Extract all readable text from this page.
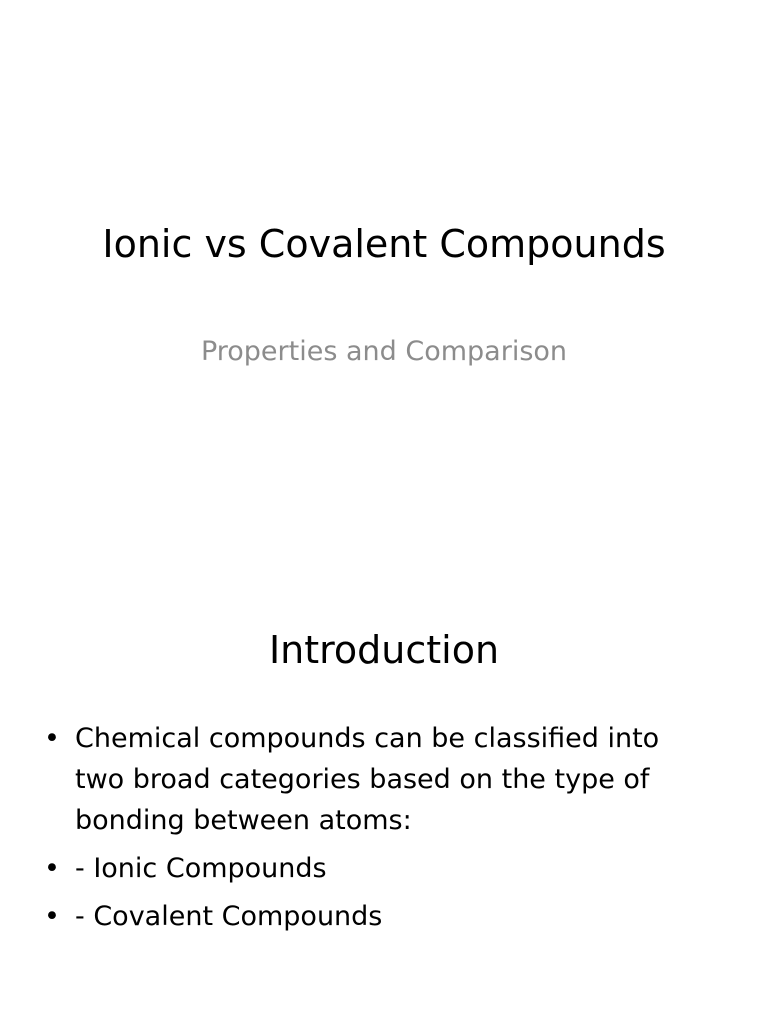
Ionic vs Covalent Compounds
Properties and Comparison
Introduction
• Chemical compounds can be classified into two broad categories based on the type of bonding between atoms:
• - Ionic Compounds
• - Covalent Compounds
